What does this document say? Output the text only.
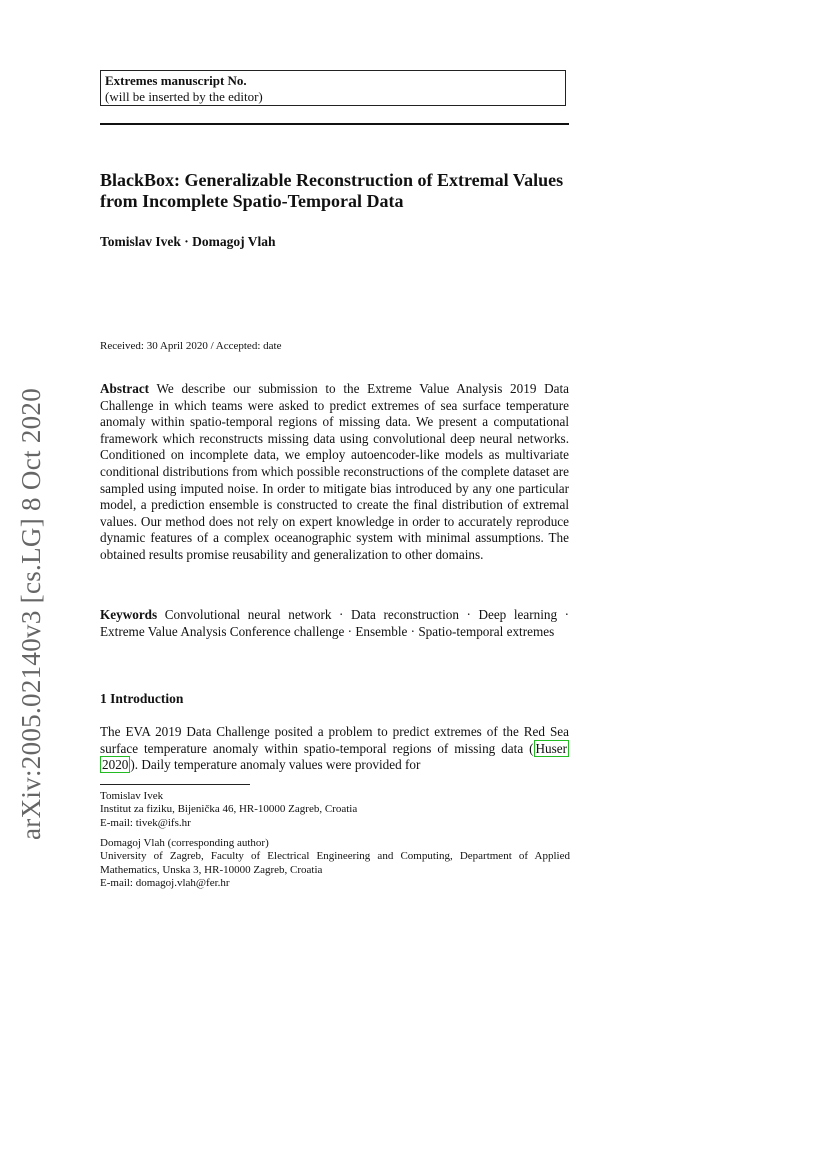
Extremes manuscript No.
(will be inserted by the editor)
BlackBox: Generalizable Reconstruction of Extremal Values from Incomplete Spatio-Temporal Data
Tomislav Ivek · Domagoj Vlah
Received: 30 April 2020 / Accepted: date

Abstract We describe our submission to the Extreme Value Analysis 2019 Data Challenge in which teams were asked to predict extremes of sea surface temperature anomaly within spatio-temporal regions of missing data. We present a computational framework which reconstructs missing data using convolutional deep neural networks. Conditioned on incomplete data, we employ autoencoder-like models as multivariate conditional distributions from which possible reconstructions of the complete dataset are sampled using imputed noise. In order to mitigate bias introduced by any one particular model, a prediction ensemble is constructed to create the final distribution of extremal values. Our method does not rely on expert knowledge in order to accurately reproduce dynamic features of a complex oceanographic system with minimal assumptions. The obtained results promise reusability and generalization to other domains.

Keywords Convolutional neural network · Data reconstruction · Deep learning · Extreme Value Analysis Conference challenge · Ensemble · Spatio-temporal extremes

1 Introduction

The EVA 2019 Data Challenge posited a problem to predict extremes of the Red Sea surface temperature anomaly within spatio-temporal regions of missing data ( Huser 2020 ). Daily temperature anomaly values were provided for

Tomislav Ivek
Institut za fiziku, Bijenička 46, HR-10000 Zagreb, Croatia
E-mail: tivek@ifs.hr
Domagoj Vlah (corresponding author)
University of Zagreb, Faculty of Electrical Engineering and Computing, Department of Applied Mathematics, Unska 3, HR-10000 Zagreb, Croatia
E-mail: domagoj.vlah@fer.hr
arXiv:2005.02140v3 [cs.LG] 8 Oct 2020
